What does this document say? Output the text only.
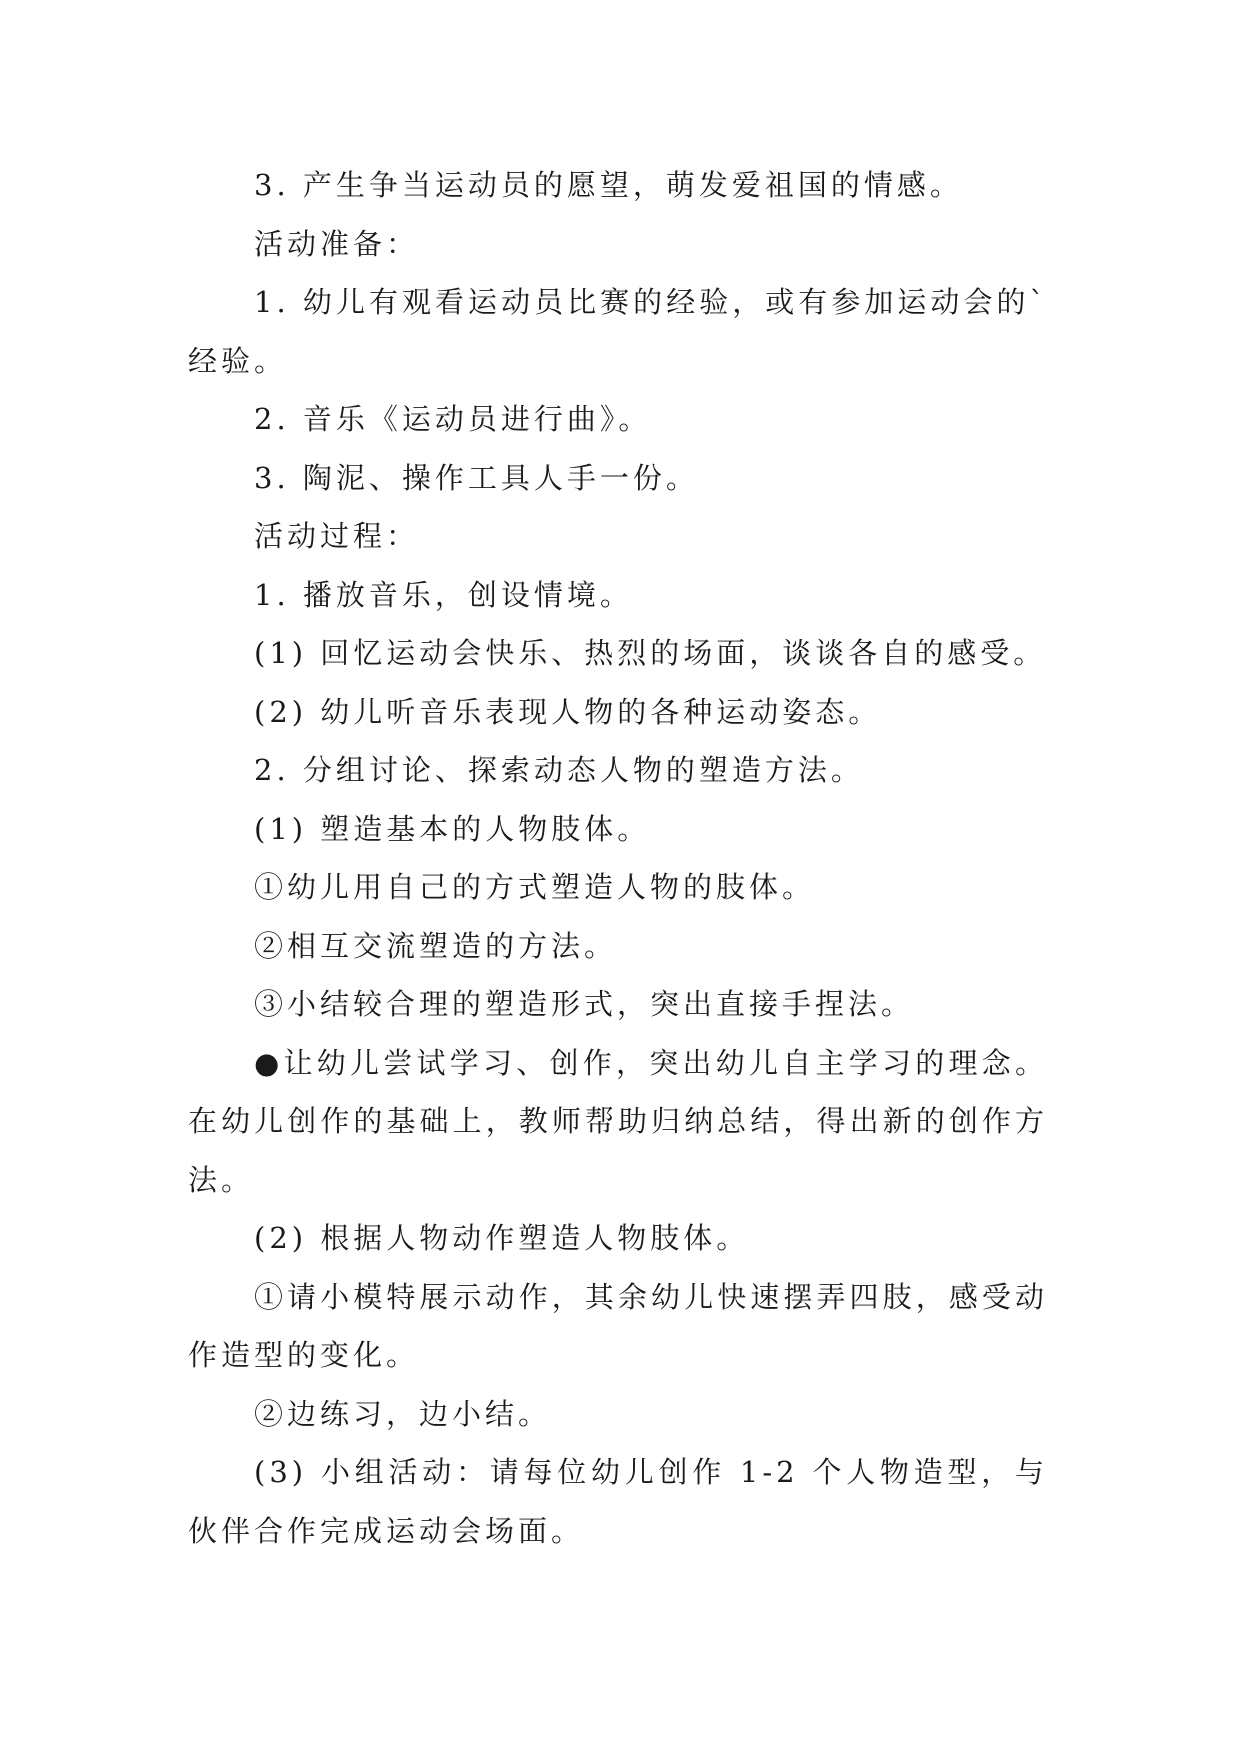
3. 产生争当运动员的愿望，萌发爱祖国的情感。

活动准备：

1. 幼儿有观看运动员比赛的经验，或有参加运动会的`经验。

2. 音乐《运动员进行曲》。

3. 陶泥、操作工具人手一份。

活动过程：

1. 播放音乐，创设情境。

(1) 回忆运动会快乐、热烈的场面，谈谈各自的感受。

(2) 幼儿听音乐表现人物的各种运动姿态。

2. 分组讨论、探索动态人物的塑造方法。

(1) 塑造基本的人物肢体。

①幼儿用自己的方式塑造人物的肢体。

②相互交流塑造的方法。

③小结较合理的塑造形式，突出直接手捏法。

●让幼儿尝试学习、创作，突出幼儿自主学习的理念。在幼儿创作的基础上，教师帮助归纳总结，得出新的创作方法。

(2) 根据人物动作塑造人物肢体。

①请小模特展示动作，其余幼儿快速摆弄四肢，感受动作造型的变化。

②边练习，边小结。

(3) 小组活动：请每位幼儿创作 1-2 个人物造型，与伙伴合作完成运动会场面。
